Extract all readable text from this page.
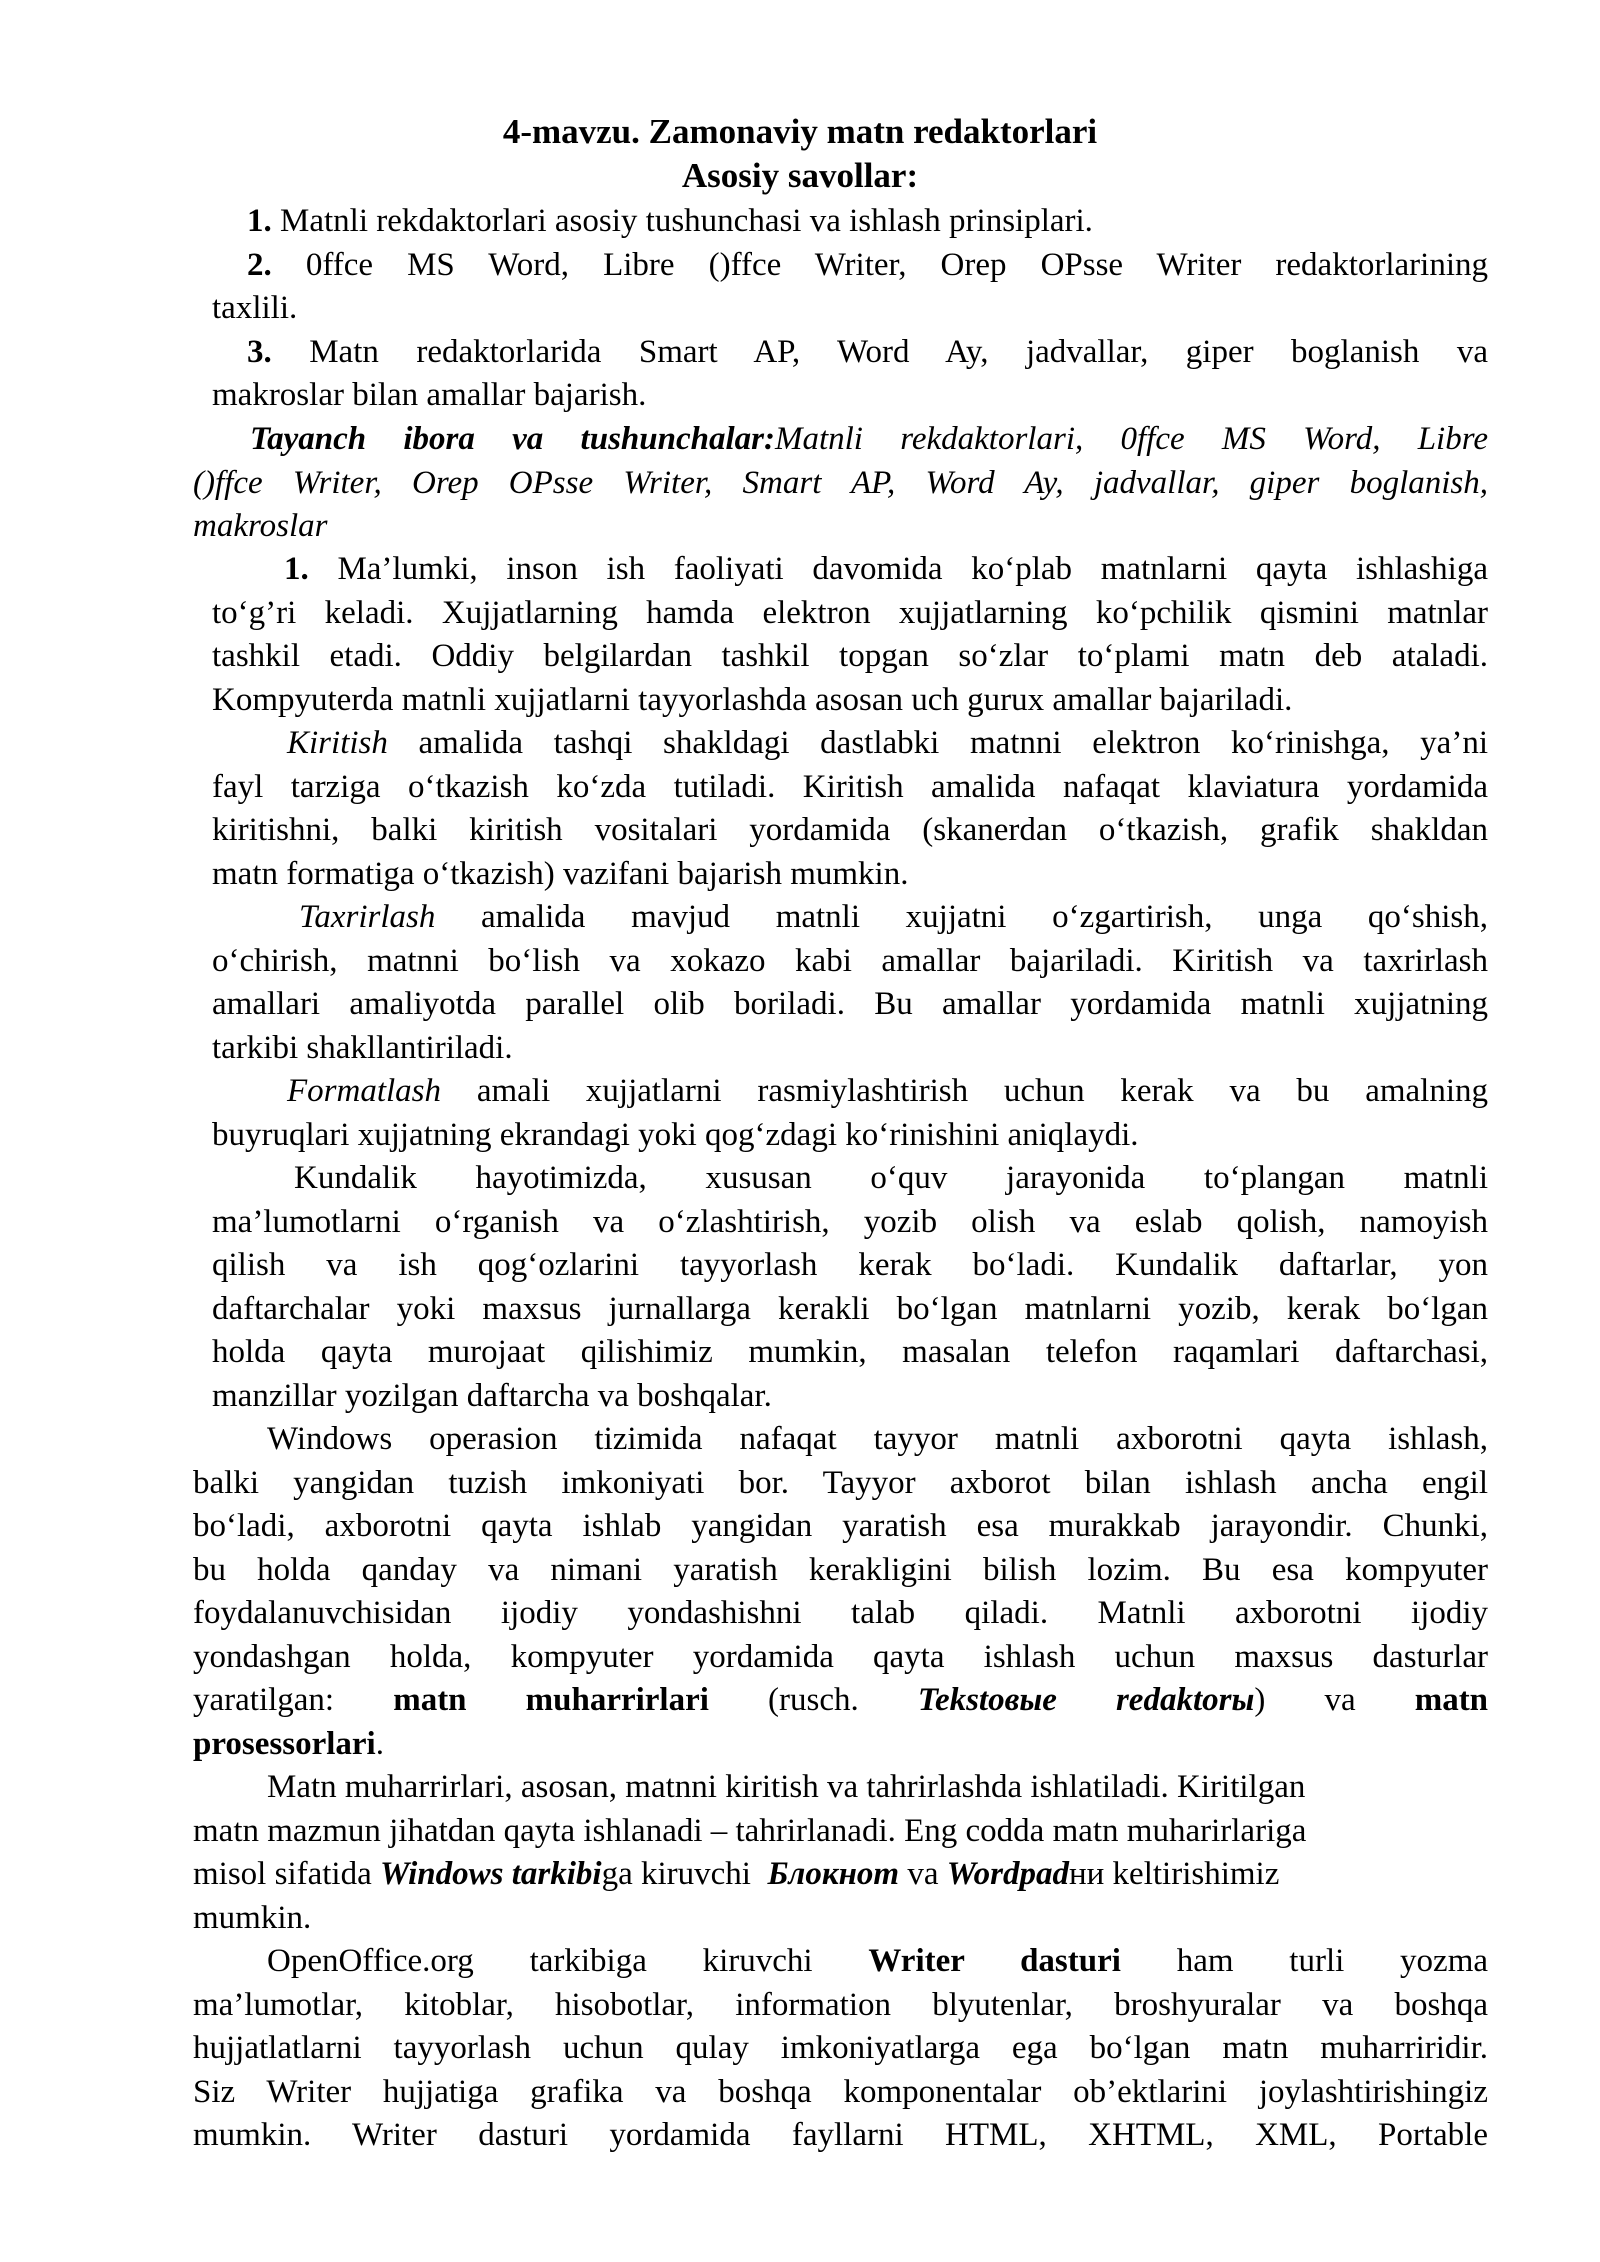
4-mavzu. Zamonaviy matn redaktorlari
Asosiy savollar:
1. Matnli rekdaktorlari asosiy tushunchasi va ishlash prinsiplari.
2. 0ffce MS Word, Libre ()ffce Writer, Orep OPsse Writer redaktorlarining
taxlili.
3. Matn redaktorlarida Smart AP, Word Ay, jadvallar, giper boglanish va
makroslar bilan amallar bajarish.
Tayanch ibora va tushunchalar:Matnli rekdaktorlari, 0ffce MS Word, Libre
()ffce Writer, Orep OPsse Writer, Smart AP, Word Ay, jadvallar, giper boglanish,
makroslar
1. Ma’lumki, inson ish faoliyati davomida ko‘plab matnlarni qayta ishlashiga
to‘g’ri keladi. Xujjatlarning hamda elektron xujjatlarning ko‘pchilik qismini matnlar
tashkil etadi. Oddiy belgilardan tashkil topgan so‘zlar to‘plami matn deb ataladi.
Kompyuterda matnli xujjatlarni tayyorlashda asosan uch gurux amallar bajariladi.
Kiritish amalida tashqi shakldagi dastlabki matnni elektron ko‘rinishga, ya’ni
fayl tarziga o‘tkazish ko‘zda tutiladi. Kiritish amalida nafaqat klaviatura yordamida
kiritishni, balki kiritish vositalari yordamida (skanerdan o‘tkazish, grafik shakldan
matn formatiga o‘tkazish) vazifani bajarish mumkin.
Taxrirlash amalida mavjud matnli xujjatni o‘zgartirish, unga qo‘shish,
o‘chirish, matnni bo‘lish va xokazo kabi amallar bajariladi. Kiritish va taxrirlash
amallari amaliyotda parallel olib boriladi. Bu amallar yordamida matnli xujjatning
tarkibi shakllantiriladi.
Formatlash amali xujjatlarni rasmiylashtirish uchun kerak va bu amalning
buyruqlari xujjatning ekrandagi yoki qog‘zdagi ko‘rinishini aniqlaydi.
Kundalik hayotimizda, xususan o‘quv jarayonida to‘plangan matnli
ma’lumotlarni o‘rganish va o‘zlashtirish, yozib olish va eslab qolish, namoyish
qilish va ish qog‘ozlarini tayyorlash kerak bo‘ladi. Kundalik daftarlar, yon
daftarchalar yoki maxsus jurnallarga kerakli bo‘lgan matnlarni yozib, kerak bo‘lgan
holda qayta murojaat qilishimiz mumkin, masalan telefon raqamlari daftarchasi,
manzillar yozilgan daftarcha va boshqalar.
Windows operasion tizimida nafaqat tayyor matnli axborotni qayta ishlash,
balki yangidan tuzish imkoniyati bor. Tayyor axborot bilan ishlash ancha engil
bo‘ladi, axborotni qayta ishlab yangidan yaratish esa murakkab jarayondir. Chunki,
bu holda qanday va nimani yaratish kerakligini bilish lozim. Bu esa kompyuter
foydalanuvchisidan ijodiy yondashishni talab qiladi. Matnli axborotni ijodiy
yondashgan holda, kompyuter yordamida qayta ishlash uchun maxsus dasturlar
yaratilgan: matn muharrirlari (rusch. Tekstовые redaktorы) va matn
prosessorlari.
Matn muharrirlari, asosan, matnni kiritish va tahrirlashda ishlatiladi. Kiritilgan
matn mazmun jihatdan qayta ishlanadi – tahrirlanadi. Eng codda matn muharirlariga
misol sifatida Windows tarkibiga kiruvchi Блокнот va Wordpadни keltirishimiz
mumkin.
OpenOffice.org tarkibiga kiruvchi Writer dasturi ham turli yozma
ma’lumotlar, kitoblar, hisobotlar, information blyutenlar, broshyuralar va boshqa
hujjatlatlarni tayyorlash uchun qulay imkoniyatlarga ega bo‘lgan matn muharriridir.
Siz Writer hujjatiga grafika va boshqa komponentalar ob’ektlarini joylashtirishingiz
mumkin. Writer dasturi yordamida fayllarni HTML, XHTML, XML, Portable
